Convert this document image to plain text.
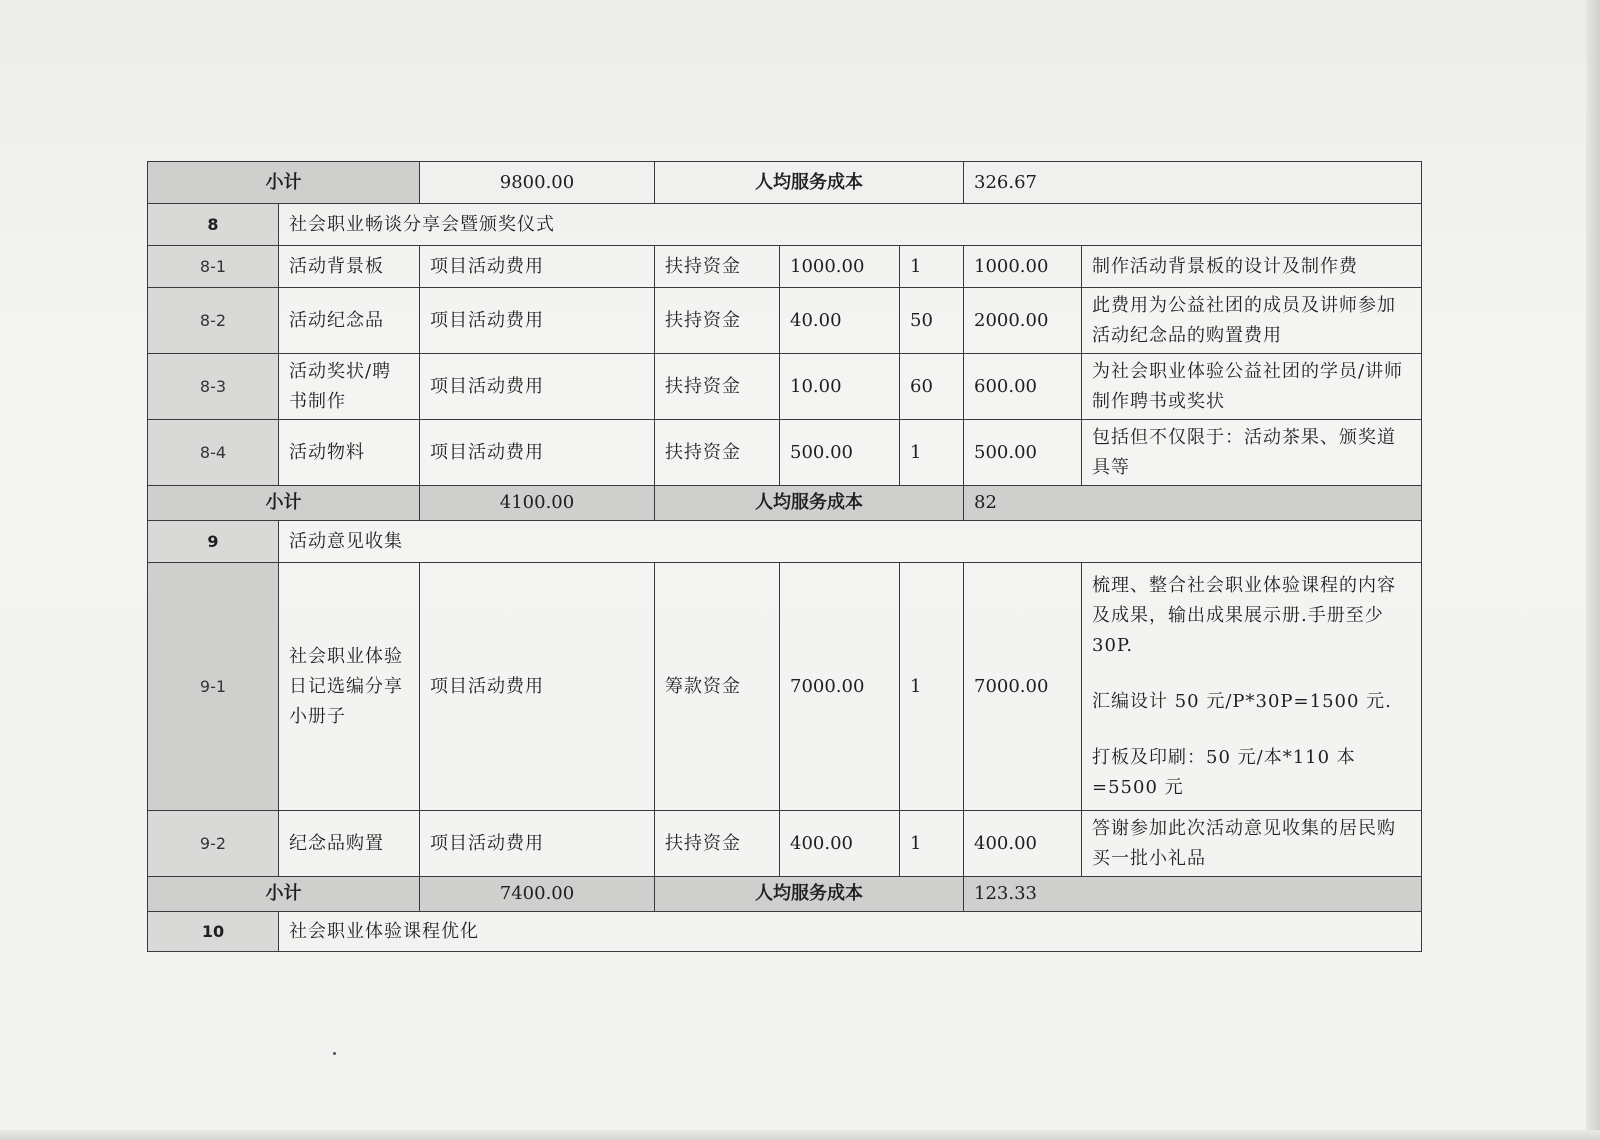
小计		9800.00	人均服务成本			326.67	
8	社会职业畅谈分享会暨颁奖仪式						
8-1	活动背景板	项目活动费用	扶持资金	1000.00	1	1000.00	制作活动背景板的设计及制作费
8-2	活动纪念品	项目活动费用	扶持资金	40.00	50	2000.00	此费用为公益社团的成员及讲师参加活动纪念品的购置费用
8-3	活动奖状/聘书制作	项目活动费用	扶持资金	10.00	60	600.00	为社会职业体验公益社团的学员/讲师制作聘书或奖状
8-4	活动物料	项目活动费用	扶持资金	500.00	1	500.00	包括但不仅限于：活动茶果、颁奖道具等
小计		4100.00	人均服务成本			82	
9	活动意见收集						
9-1	社会职业体验日记选编分享小册子	项目活动费用	筹款资金	7000.00	1	7000.00	梳理、整合社会职业体验课程的内容及成果，输出成果展示册.手册至少 30P.

汇编设计 50 元/P*30P=1500 元.

打板及印刷：50 元/本*110 本=5500 元

9-2	纪念品购置	项目活动费用	扶持资金	400.00	1	400.00	答谢参加此次活动意见收集的居民购买一批小礼品
小计		7400.00	人均服务成本			123.33	
10	社会职业体验课程优化						
